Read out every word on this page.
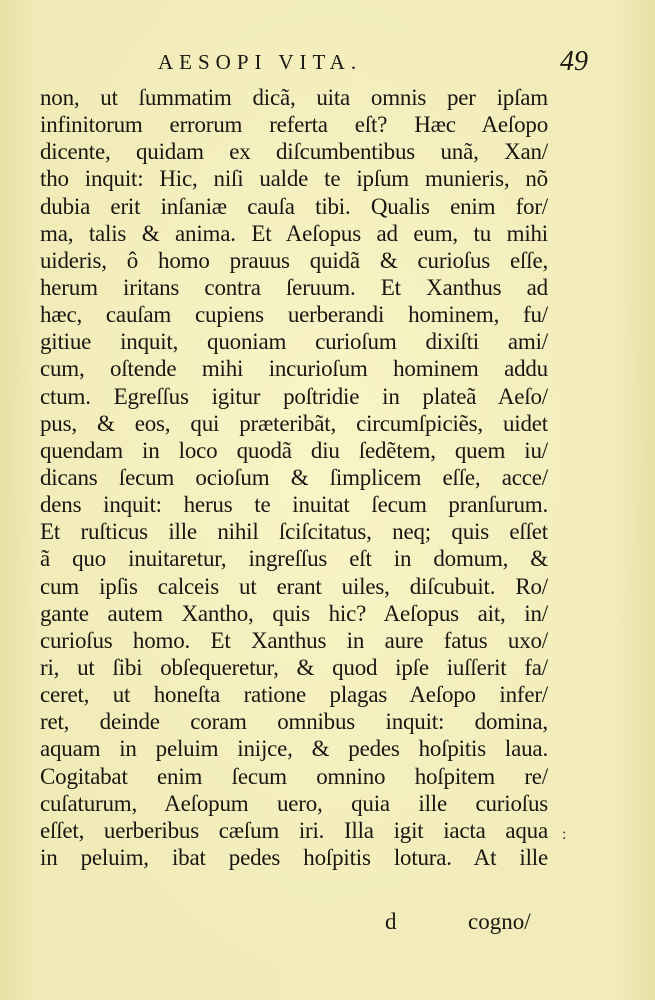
AESOPI VITA.	49
non, ut ſummatim dicã, uita omnis per ipſam
infinitorum errorum referta eſt? Hæc Aeſopo
dicente, quidam ex diſcumbentibus unã, Xan/
tho inquit: Hic, niſi ualde te ipſum munieris, nõ
dubia erit inſaniæ cauſa tibi. Qualis enim for/
ma, talis & anima. Et Aeſopus ad eum, tu mihi
uideris, ô homo prauus quidã & curioſus eſſe,
herum iritans contra ſeruum. Et Xanthus ad
hæc, cauſam cupiens uerberandi hominem, fu/
gitiue inquit, quoniam curioſum dixiſti ami/
cum, oſtende mihi incurioſum hominem addu
ctum. Egreſſus igitur poſtridie in plateã Aeſo/
pus, & eos, qui præteribãt, circumſpiciẽs, uidet
quendam in loco quodã diu ſedẽtem, quem iu/
dicans ſecum ocioſum & ſimplicem eſſe, acce/
dens inquit: herus te inuitat ſecum pranſurum.
Et ruſticus ille nihil ſciſcitatus, neq; quis eſſet
ã quo inuitaretur, ingreſſus eſt in domum, &
cum ipſis calceis ut erant uiles, diſcubuit. Ro/
gante autem Xantho, quis hic? Aeſopus ait, in/
curioſus homo. Et Xanthus in aure fatus uxo/
ri, ut ſibi obſequeretur, & quod ipſe iuſſerit fa/
ceret, ut honeſta ratione plagas Aeſopo infer/
ret, deinde coram omnibus inquit: domina,
aquam in peluim inijce, & pedes hoſpitis laua.
Cogitabat enim ſecum omnino hoſpitem re/
cuſaturum, Aeſopum uero, quia ille curioſus
eſſet, uerberibus cæſum iri. Illa igit iacta aqua
in peluim, ibat pedes hoſpitis lotura. At ille
:
d	cogno/
